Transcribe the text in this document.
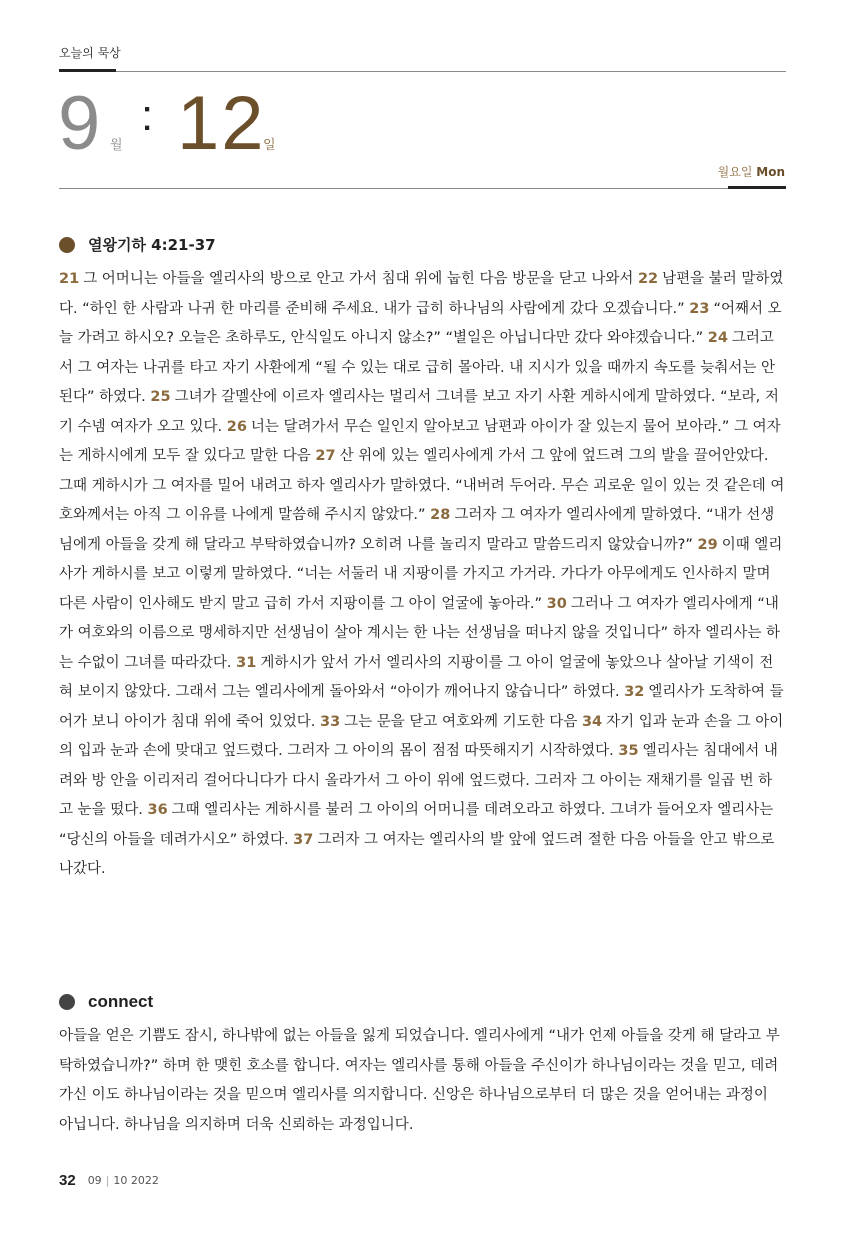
오늘의 묵상
9 월
: 12
일
월요일 Mon
열왕기하 4:21-37
21 그 어머니는 아들을 엘리사의 방으로 안고 가서 침대 위에 눕힌 다음 방문을 닫고 나와서 22 남편을 불러 말하였다. “하인 한 사람과 나귀 한 마리를 준비해 주세요. 내가 급히 하나님의 사람에게 갔다 오겠습니다.” 23 “어째서 오늘 가려고 하시오? 오늘은 초하루도, 안식일도 아니지 않소?” “별일은 아닙니다만 갔다 와야겠습니다.” 24 그러고서 그 여자는 나귀를 타고 자기 사환에게 “될 수 있는 대로 급히 몰아라. 내 지시가 있을 때까지 속도를 늦춰서는 안 된다” 하였다. 25 그녀가 갈멜산에 이르자 엘리사는 멀리서 그녀를 보고 자기 사환 게하시에게 말하였다. “보라, 저기 수넴 여자가 오고 있다. 26 너는 달려가서 무슨 일인지 알아보고 남편과 아이가 잘 있는지 물어 보아라.” 그 여자는 게하시에게 모두 잘 있다고 말한 다음 27 산 위에 있는 엘리사에게 가서 그 앞에 엎드려 그의 발을 끌어안았다. 그때 게하시가 그 여자를 밀어 내려고 하자 엘리사가 말하였다. “내버려 두어라. 무슨 괴로운 일이 있는 것 같은데 여호와께서는 아직 그 이유를 나에게 말씀해 주시지 않았다.” 28 그러자 그 여자가 엘리사에게 말하였다. “내가 선생님에게 아들을 갖게 해 달라고 부탁하였습니까? 오히려 나를 놀리지 말라고 말씀드리지 않았습니까?” 29 이때 엘리사가 게하시를 보고 이렇게 말하였다. “너는 서둘러 내 지팡이를 가지고 가거라. 가다가 아무에게도 인사하지 말며 다른 사람이 인사해도 받지 말고 급히 가서 지팡이를 그 아이 얼굴에 놓아라.” 30 그러나 그 여자가 엘리사에게 “내가 여호와의 이름으로 맹세하지만 선생님이 살아 계시는 한 나는 선생님을 떠나지 않을 것입니다” 하자 엘리사는 하는 수없이 그녀를 따라갔다. 31 게하시가 앞서 가서 엘리사의 지팡이를 그 아이 얼굴에 놓았으나 살아날 기색이 전혀 보이지 않았다. 그래서 그는 엘리사에게 돌아와서 “아이가 깨어나지 않습니다” 하였다. 32 엘리사가 도착하여 들어가 보니 아이가 침대 위에 죽어 있었다. 33 그는 문을 닫고 여호와께 기도한 다음 34 자기 입과 눈과 손을 그 아이의 입과 눈과 손에 맞대고 엎드렸다. 그러자 그 아이의 몸이 점점 따뜻해지기 시작하였다. 35 엘리사는 침대에서 내려와 방 안을 이리저리 걸어다니다가 다시 올라가서 그 아이 위에 엎드렸다. 그러자 그 아이는 재채기를 일곱 번 하고 눈을 떴다. 36 그때 엘리사는 게하시를 불러 그 아이의 어머니를 데려오라고 하였다. 그녀가 들어오자 엘리사는 “당신의 아들을 데려가시오” 하였다. 37 그러자 그 여자는 엘리사의 발 앞에 엎드려 절한 다음 아들을 안고 밖으로 나갔다.
connect
아들을 얻은 기쁨도 잠시, 하나밖에 없는 아들을 잃게 되었습니다. 엘리사에게 “내가 언제 아들을 갖게 해 달라고 부탁하였습니까?” 하며 한 맺힌 호소를 합니다. 여자는 엘리사를 통해 아들을 주신이가 하나님이라는 것을 믿고, 데려가신 이도 하나님이라는 것을 믿으며 엘리사를 의지합니다. 신앙은 하나님으로부터 더 많은 것을 얻어내는 과정이 아닙니다. 하나님을 의지하며 더욱 신뢰하는 과정입니다.
32 09 | 10 2022
